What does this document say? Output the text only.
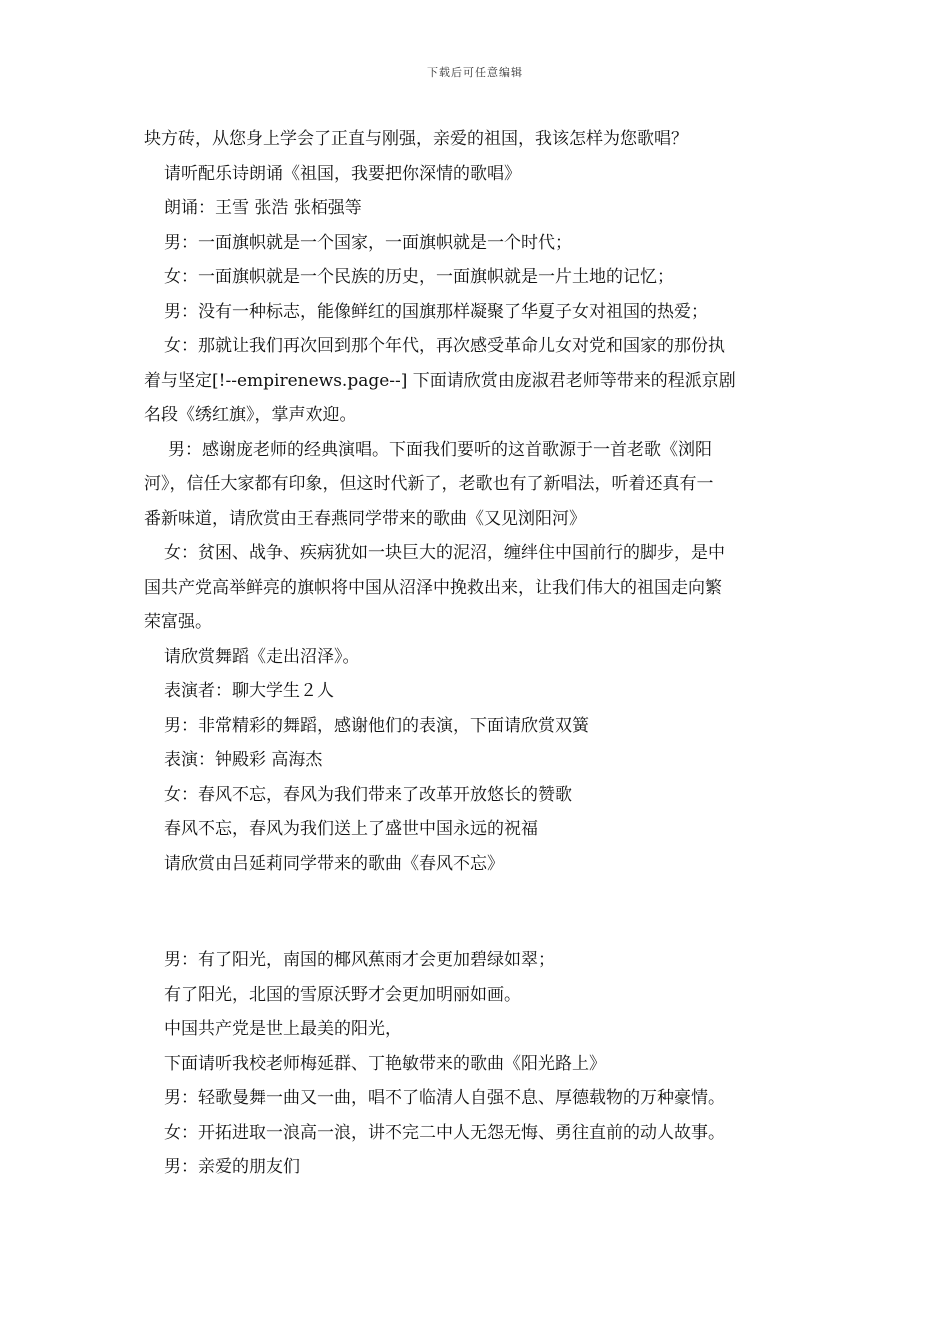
下载后可任意编辑
块方砖，从您身上学会了正直与刚强，亲爱的祖国，我该怎样为您歌唱？
请听配乐诗朗诵《祖国，我要把你深情的歌唱》
朗诵：王雪 张浩 张栢强等
男：一面旗帜就是一个国家，一面旗帜就是一个时代；
女：一面旗帜就是一个民族的历史，一面旗帜就是一片土地的记忆；
男：没有一种标志，能像鲜红的国旗那样凝聚了华夏子女对祖国的热爱；
女：那就让我们再次回到那个年代，再次感受革命儿女对党和国家的那份执
着与坚定[!--empirenews.page--] 下面请欣赏由庞淑君老师等带来的程派京剧
名段《绣红旗》，掌声欢迎。
男：感谢庞老师的经典演唱。下面我们要听的这首歌源于一首老歌《浏阳
河》，信任大家都有印象，但这时代新了，老歌也有了新唱法，听着还真有一
番新味道，请欣赏由王春燕同学带来的歌曲《又见浏阳河》
女：贫困、战争、疾病犹如一块巨大的泥沼，缠绊住中国前行的脚步，是中
国共产党高举鲜亮的旗帜将中国从沼泽中挽救出来，让我们伟大的祖国走向繁
荣富强。
请欣赏舞蹈《走出沼泽》。
表演者：聊大学生２人
男：非常精彩的舞蹈，感谢他们的表演，下面请欣赏双簧
表演：钟殿彩 高海杰
女：春风不忘，春风为我们带来了改革开放悠长的赞歌
春风不忘，春风为我们送上了盛世中国永远的祝福
请欣赏由吕延莉同学带来的歌曲《春风不忘》
男：有了阳光，南国的椰风蕉雨才会更加碧绿如翠；
有了阳光，北国的雪原沃野才会更加明丽如画。
中国共产党是世上最美的阳光，
下面请听我校老师梅延群、丁艳敏带来的歌曲《阳光路上》
男：轻歌曼舞一曲又一曲，唱不了临清人自强不息、厚德载物的万种豪情。
女：开拓进取一浪高一浪，讲不完二中人无怨无悔、勇往直前的动人故事。
男：亲爱的朋友们
